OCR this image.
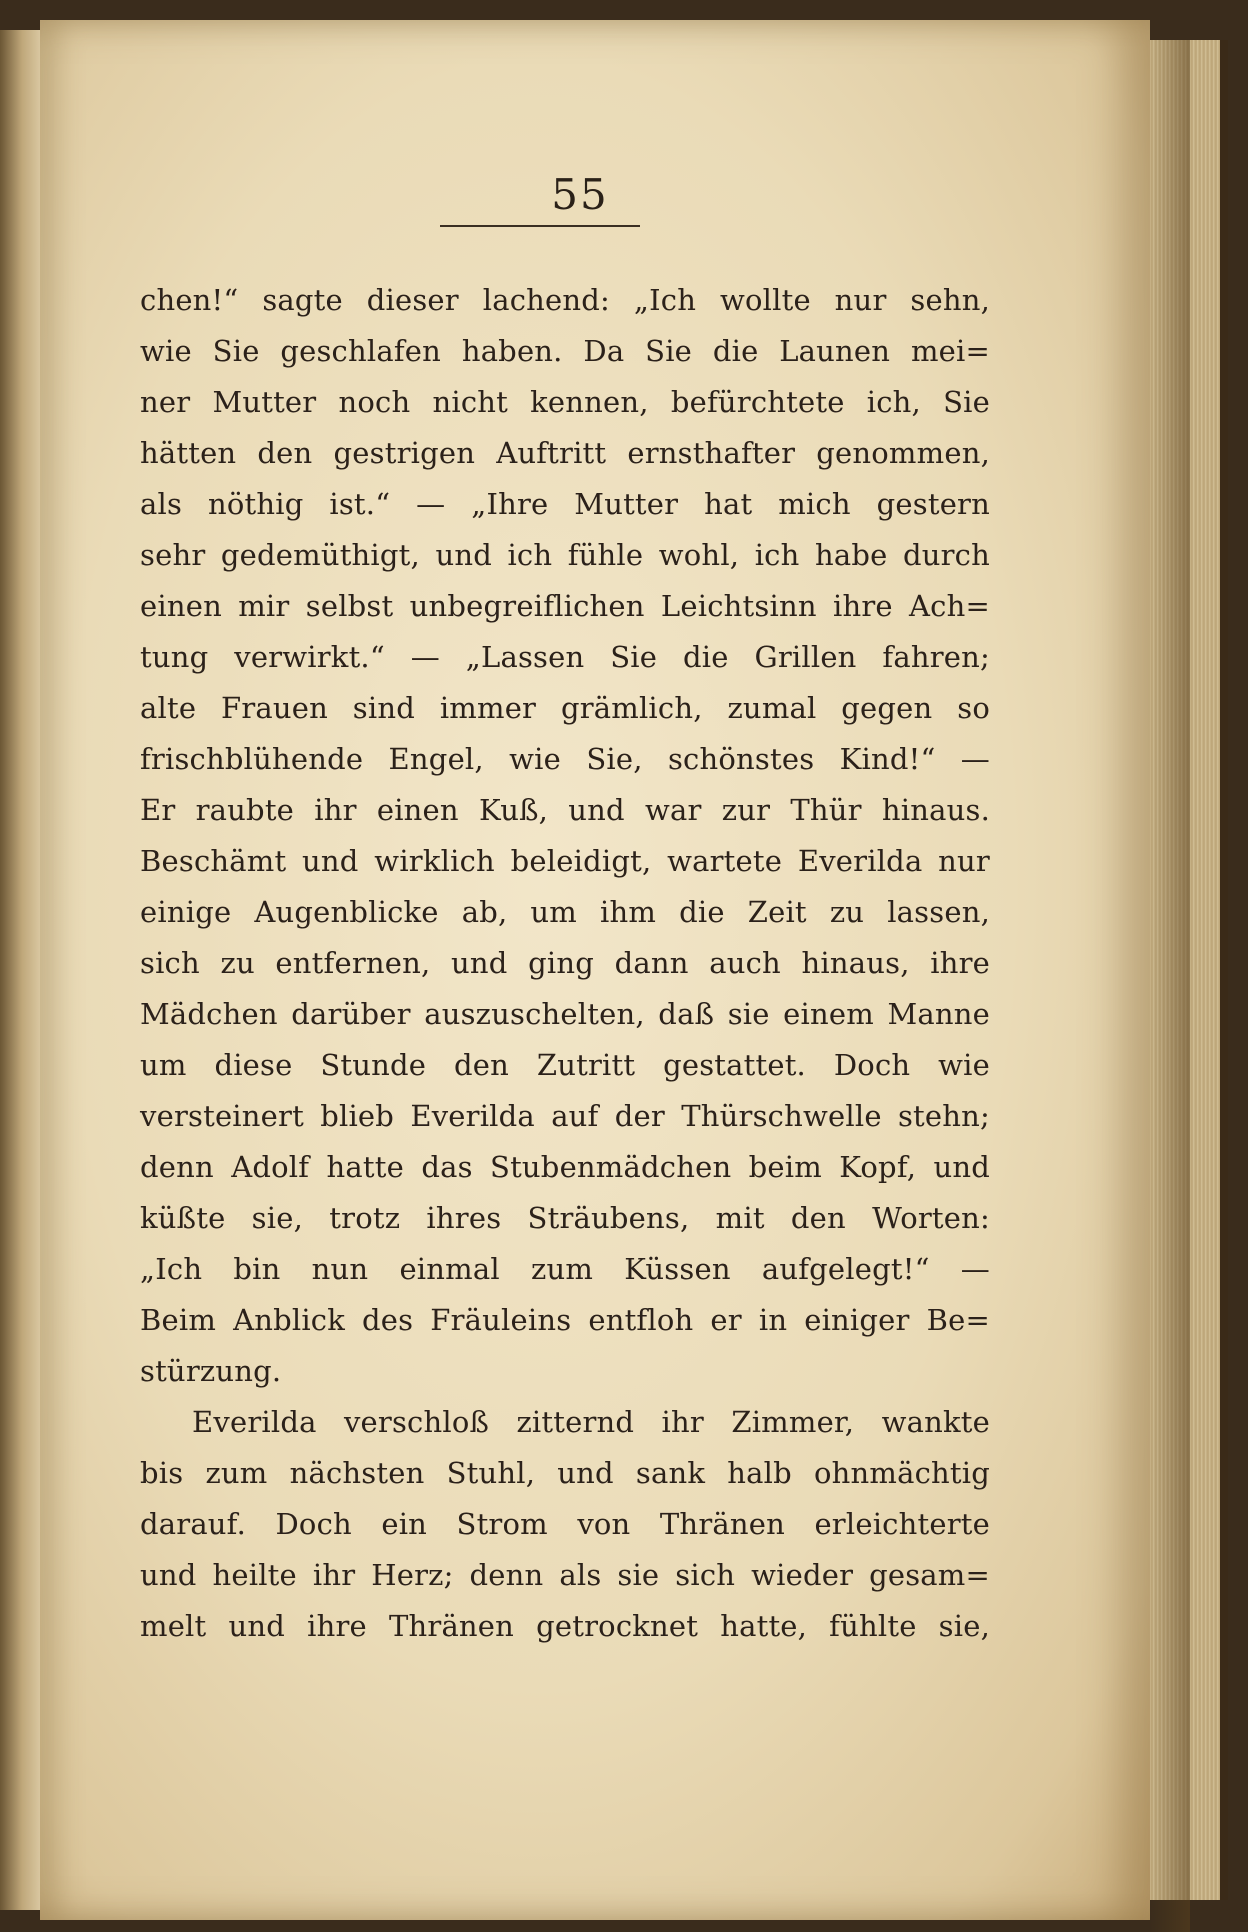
55
chen!“ sagte dieser lachend: „Ich wollte nur sehn,
wie Sie geschlafen haben. Da Sie die Launen mei=
ner Mutter noch nicht kennen, befürchtete ich, Sie
hätten den gestrigen Auftritt ernsthafter genommen,
als nöthig ist.“ — „Ihre Mutter hat mich gestern
sehr gedemüthigt, und ich fühle wohl, ich habe durch
einen mir selbst unbegreiflichen Leichtsinn ihre Ach=
tung verwirkt.“ — „Lassen Sie die Grillen fahren;
alte Frauen sind immer grämlich, zumal gegen so
frischblühende Engel, wie Sie, schönstes Kind!“ —
Er raubte ihr einen Kuß, und war zur Thür hinaus.
Beschämt und wirklich beleidigt, wartete Everilda nur
einige Augenblicke ab, um ihm die Zeit zu lassen,
sich zu entfernen, und ging dann auch hinaus, ihre
Mädchen darüber auszuschelten, daß sie einem Manne
um diese Stunde den Zutritt gestattet. Doch wie
versteinert blieb Everilda auf der Thürschwelle stehn;
denn Adolf hatte das Stubenmädchen beim Kopf, und
küßte sie, trotz ihres Sträubens, mit den Worten:
„Ich bin nun einmal zum Küssen aufgelegt!“ —
Beim Anblick des Fräuleins entfloh er in einiger Be=
stürzung.
Everilda verschloß zitternd ihr Zimmer, wankte
bis zum nächsten Stuhl, und sank halb ohnmächtig
darauf. Doch ein Strom von Thränen erleichterte
und heilte ihr Herz; denn als sie sich wieder gesam=
melt und ihre Thränen getrocknet hatte, fühlte sie,
